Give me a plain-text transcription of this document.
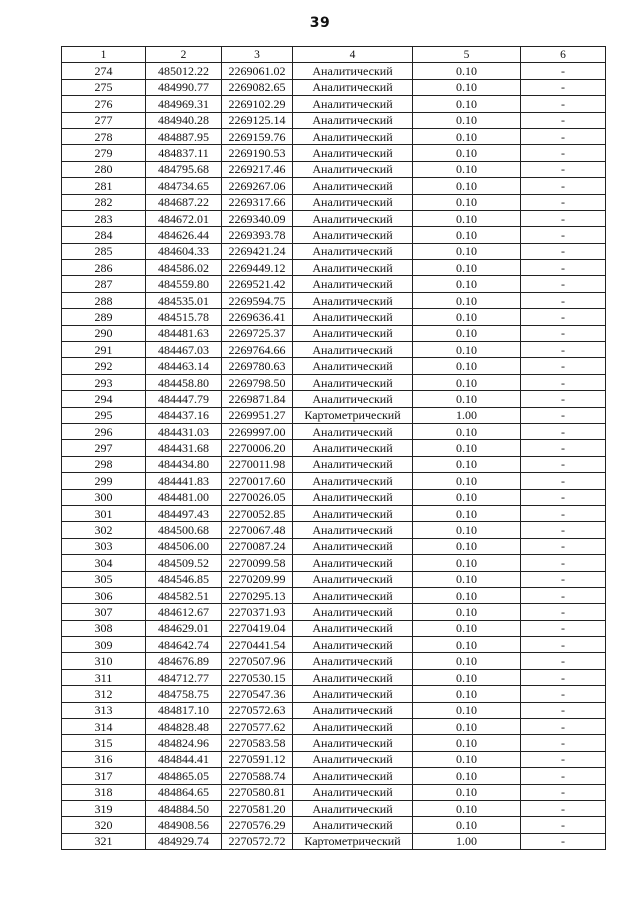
39
1	2	3	4	5	6
274	485012.22	2269061.02	Аналитический	0.10	-
275	484990.77	2269082.65	Аналитический	0.10	-
276	484969.31	2269102.29	Аналитический	0.10	-
277	484940.28	2269125.14	Аналитический	0.10	-
278	484887.95	2269159.76	Аналитический	0.10	-
279	484837.11	2269190.53	Аналитический	0.10	-
280	484795.68	2269217.46	Аналитический	0.10	-
281	484734.65	2269267.06	Аналитический	0.10	-
282	484687.22	2269317.66	Аналитический	0.10	-
283	484672.01	2269340.09	Аналитический	0.10	-
284	484626.44	2269393.78	Аналитический	0.10	-
285	484604.33	2269421.24	Аналитический	0.10	-
286	484586.02	2269449.12	Аналитический	0.10	-
287	484559.80	2269521.42	Аналитический	0.10	-
288	484535.01	2269594.75	Аналитический	0.10	-
289	484515.78	2269636.41	Аналитический	0.10	-
290	484481.63	2269725.37	Аналитический	0.10	-
291	484467.03	2269764.66	Аналитический	0.10	-
292	484463.14	2269780.63	Аналитический	0.10	-
293	484458.80	2269798.50	Аналитический	0.10	-
294	484447.79	2269871.84	Аналитический	0.10	-
295	484437.16	2269951.27	Картометрический	1.00	-
296	484431.03	2269997.00	Аналитический	0.10	-
297	484431.68	2270006.20	Аналитический	0.10	-
298	484434.80	2270011.98	Аналитический	0.10	-
299	484441.83	2270017.60	Аналитический	0.10	-
300	484481.00	2270026.05	Аналитический	0.10	-
301	484497.43	2270052.85	Аналитический	0.10	-
302	484500.68	2270067.48	Аналитический	0.10	-
303	484506.00	2270087.24	Аналитический	0.10	-
304	484509.52	2270099.58	Аналитический	0.10	-
305	484546.85	2270209.99	Аналитический	0.10	-
306	484582.51	2270295.13	Аналитический	0.10	-
307	484612.67	2270371.93	Аналитический	0.10	-
308	484629.01	2270419.04	Аналитический	0.10	-
309	484642.74	2270441.54	Аналитический	0.10	-
310	484676.89	2270507.96	Аналитический	0.10	-
311	484712.77	2270530.15	Аналитический	0.10	-
312	484758.75	2270547.36	Аналитический	0.10	-
313	484817.10	2270572.63	Аналитический	0.10	-
314	484828.48	2270577.62	Аналитический	0.10	-
315	484824.96	2270583.58	Аналитический	0.10	-
316	484844.41	2270591.12	Аналитический	0.10	-
317	484865.05	2270588.74	Аналитический	0.10	-
318	484864.65	2270580.81	Аналитический	0.10	-
319	484884.50	2270581.20	Аналитический	0.10	-
320	484908.56	2270576.29	Аналитический	0.10	-
321	484929.74	2270572.72	Картометрический	1.00	-
